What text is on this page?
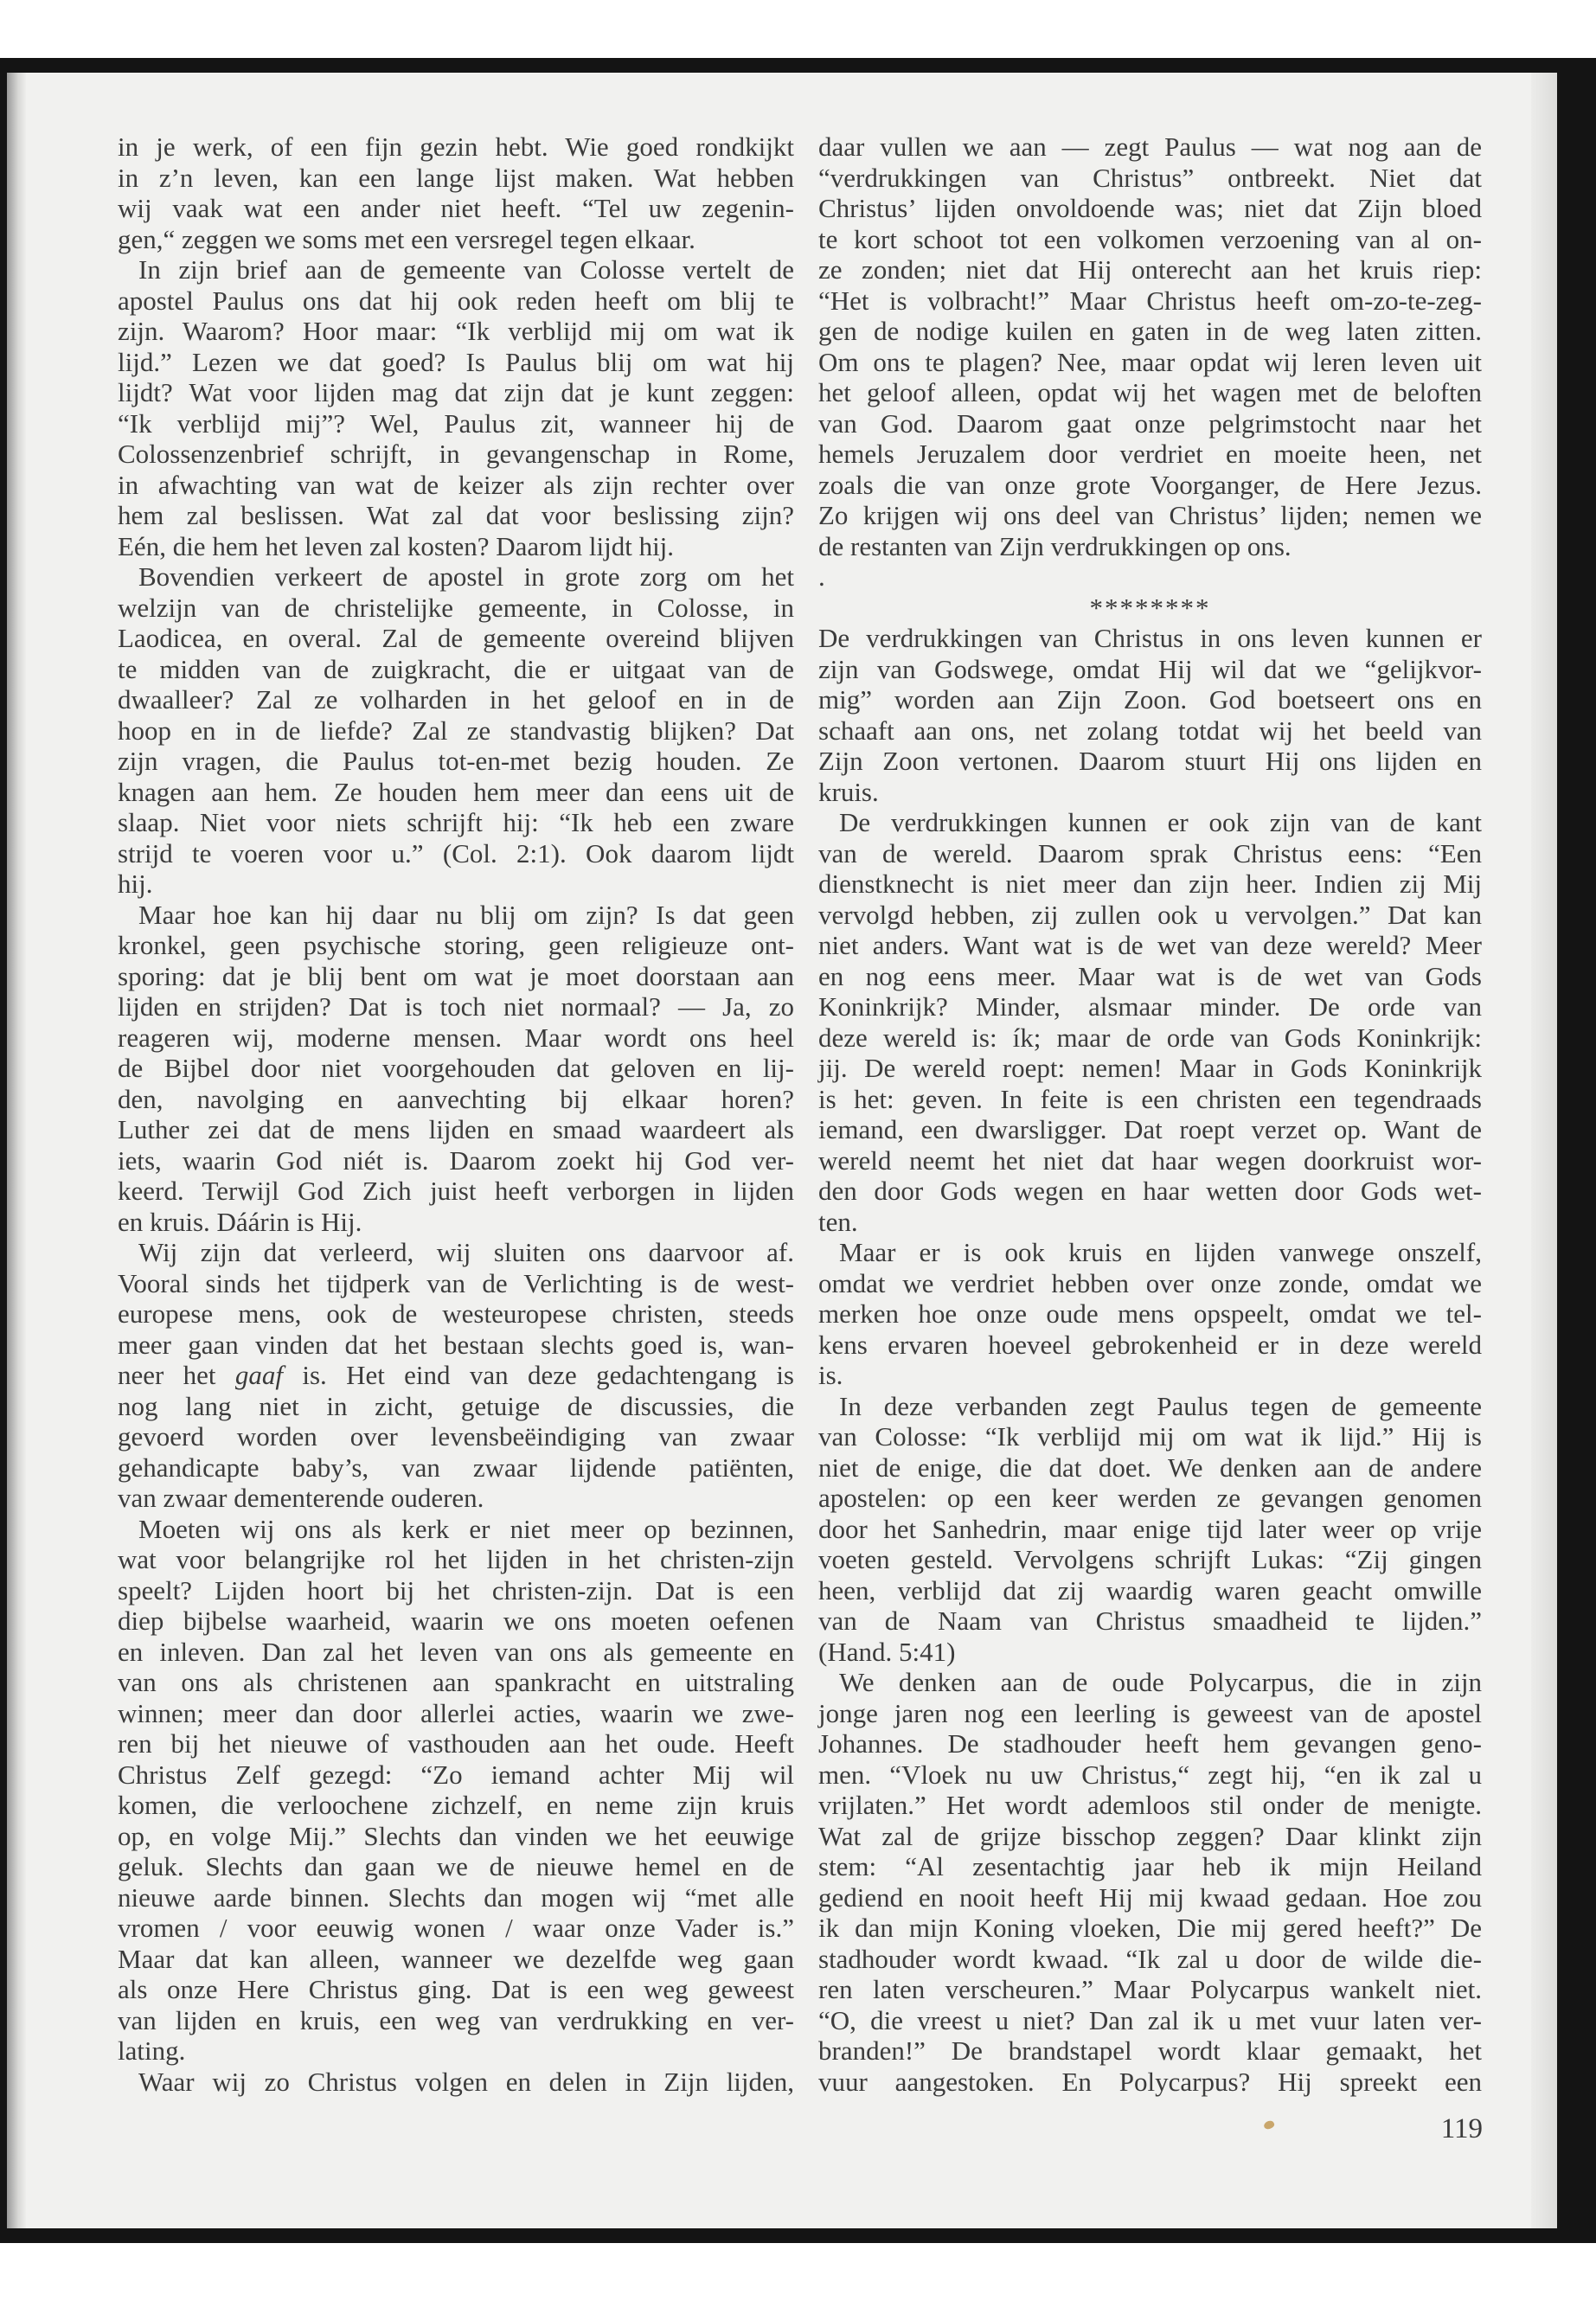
in je werk, of een fijn gezin hebt. Wie goed rondkijkt
in z’n leven, kan een lange lijst maken. Wat hebben
wij vaak wat een ander niet heeft. “Tel uw zegenin-
gen,“ zeggen we soms met een versregel tegen elkaar.
In zijn brief aan de gemeente van Colosse vertelt de
apostel Paulus ons dat hij ook reden heeft om blij te
zijn. Waarom? Hoor maar: “Ik verblijd mij om wat ik
lijd.” Lezen we dat goed? Is Paulus blij om wat hij
lijdt? Wat voor lijden mag dat zijn dat je kunt zeggen:
“Ik verblijd mij”? Wel, Paulus zit, wanneer hij de
Colossenzenbrief schrijft, in gevangenschap in Rome,
in afwachting van wat de keizer als zijn rechter over
hem zal beslissen. Wat zal dat voor beslissing zijn?
Eén, die hem het leven zal kosten? Daarom lijdt hij.
Bovendien verkeert de apostel in grote zorg om het
welzijn van de christelijke gemeente, in Colosse, in
Laodicea, en overal. Zal de gemeente overeind blijven
te midden van de zuigkracht, die er uitgaat van de
dwaalleer? Zal ze volharden in het geloof en in de
hoop en in de liefde? Zal ze standvastig blijken? Dat
zijn vragen, die Paulus tot-en-met bezig houden. Ze
knagen aan hem. Ze houden hem meer dan eens uit de
slaap. Niet voor niets schrijft hij: “Ik heb een zware
strijd te voeren voor u.” (Col. 2:1). Ook daarom lijdt
hij.
Maar hoe kan hij daar nu blij om zijn? Is dat geen
kronkel, geen psychische storing, geen religieuze ont-
sporing: dat je blij bent om wat je moet doorstaan aan
lijden en strijden? Dat is toch niet normaal? — Ja, zo
reageren wij, moderne mensen. Maar wordt ons heel
de Bijbel door niet voorgehouden dat geloven en lij-
den, navolging en aanvechting bij elkaar horen?
Luther zei dat de mens lijden en smaad waardeert als
iets, waarin God niét is. Daarom zoekt hij God ver-
keerd. Terwijl God Zich juist heeft verborgen in lijden
en kruis. Dáárin is Hij.
Wij zijn dat verleerd, wij sluiten ons daarvoor af.
Vooral sinds het tijdperk van de Verlichting is de west-
europese mens, ook de westeuropese christen, steeds
meer gaan vinden dat het bestaan slechts goed is, wan-
neer het gaaf is. Het eind van deze gedachtengang is
nog lang niet in zicht, getuige de discussies, die
gevoerd worden over levensbeëindiging van zwaar
gehandicapte baby’s, van zwaar lijdende patiënten,
van zwaar dementerende ouderen.
Moeten wij ons als kerk er niet meer op bezinnen,
wat voor belangrijke rol het lijden in het christen-zijn
speelt? Lijden hoort bij het christen-zijn. Dat is een
diep bijbelse waarheid, waarin we ons moeten oefenen
en inleven. Dan zal het leven van ons als gemeente en
van ons als christenen aan spankracht en uitstraling
winnen; meer dan door allerlei acties, waarin we zwe-
ren bij het nieuwe of vasthouden aan het oude. Heeft
Christus Zelf gezegd: “Zo iemand achter Mij wil
komen, die verloochene zichzelf, en neme zijn kruis
op, en volge Mij.” Slechts dan vinden we het eeuwige
geluk. Slechts dan gaan we de nieuwe hemel en de
nieuwe aarde binnen. Slechts dan mogen wij “met alle
vromen / voor eeuwig wonen / waar onze Vader is.”
Maar dat kan alleen, wanneer we dezelfde weg gaan
als onze Here Christus ging. Dat is een weg geweest
van lijden en kruis, een weg van verdrukking en ver-
lating.
Waar wij zo Christus volgen en delen in Zijn lijden,
daar vullen we aan — zegt Paulus — wat nog aan de
“verdrukkingen van Christus” ontbreekt. Niet dat
Christus’ lijden onvoldoende was; niet dat Zijn bloed
te kort schoot tot een volkomen verzoening van al on-
ze zonden; niet dat Hij onterecht aan het kruis riep:
“Het is volbracht!” Maar Christus heeft om-zo-te-zeg-
gen de nodige kuilen en gaten in de weg laten zitten.
Om ons te plagen? Nee, maar opdat wij leren leven uit
het geloof alleen, opdat wij het wagen met de beloften
van God. Daarom gaat onze pelgrimstocht naar het
hemels Jeruzalem door verdriet en moeite heen, net
zoals die van onze grote Voorganger, de Here Jezus.
Zo krijgen wij ons deel van Christus’ lijden; nemen we
de restanten van Zijn verdrukkingen op ons.
.
********
De verdrukkingen van Christus in ons leven kunnen er
zijn van Godswege, omdat Hij wil dat we “gelijkvor-
mig” worden aan Zijn Zoon. God boetseert ons en
schaaft aan ons, net zolang totdat wij het beeld van
Zijn Zoon vertonen. Daarom stuurt Hij ons lijden en
kruis.
De verdrukkingen kunnen er ook zijn van de kant
van de wereld. Daarom sprak Christus eens: “Een
dienstknecht is niet meer dan zijn heer. Indien zij Mij
vervolgd hebben, zij zullen ook u vervolgen.” Dat kan
niet anders. Want wat is de wet van deze wereld? Meer
en nog eens meer. Maar wat is de wet van Gods
Koninkrijk? Minder, alsmaar minder. De orde van
deze wereld is: ík; maar de orde van Gods Koninkrijk:
jij. De wereld roept: nemen! Maar in Gods Koninkrijk
is het: geven. In feite is een christen een tegendraads
iemand, een dwarsligger. Dat roept verzet op. Want de
wereld neemt het niet dat haar wegen doorkruist wor-
den door Gods wegen en haar wetten door Gods wet-
ten.
Maar er is ook kruis en lijden vanwege onszelf,
omdat we verdriet hebben over onze zonde, omdat we
merken hoe onze oude mens opspeelt, omdat we tel-
kens ervaren hoeveel gebrokenheid er in deze wereld
is.
In deze verbanden zegt Paulus tegen de gemeente
van Colosse: “Ik verblijd mij om wat ik lijd.” Hij is
niet de enige, die dat doet. We denken aan de andere
apostelen: op een keer werden ze gevangen genomen
door het Sanhedrin, maar enige tijd later weer op vrije
voeten gesteld. Vervolgens schrijft Lukas: “Zij gingen
heen, verblijd dat zij waardig waren geacht omwille
van de Naam van Christus smaadheid te lijden.”
(Hand. 5:41)
We denken aan de oude Polycarpus, die in zijn
jonge jaren nog een leerling is geweest van de apostel
Johannes. De stadhouder heeft hem gevangen geno-
men. “Vloek nu uw Christus,“ zegt hij, “en ik zal u
vrijlaten.” Het wordt ademloos stil onder de menigte.
Wat zal de grijze bisschop zeggen? Daar klinkt zijn
stem: “Al zesentachtig jaar heb ik mijn Heiland
gediend en nooit heeft Hij mij kwaad gedaan. Hoe zou
ik dan mijn Koning vloeken, Die mij gered heeft?” De
stadhouder wordt kwaad. “Ik zal u door de wilde die-
ren laten verscheuren.” Maar Polycarpus wankelt niet.
“O, die vreest u niet? Dan zal ik u met vuur laten ver-
branden!” De brandstapel wordt klaar gemaakt, het
vuur aangestoken. En Polycarpus? Hij spreekt een
119
